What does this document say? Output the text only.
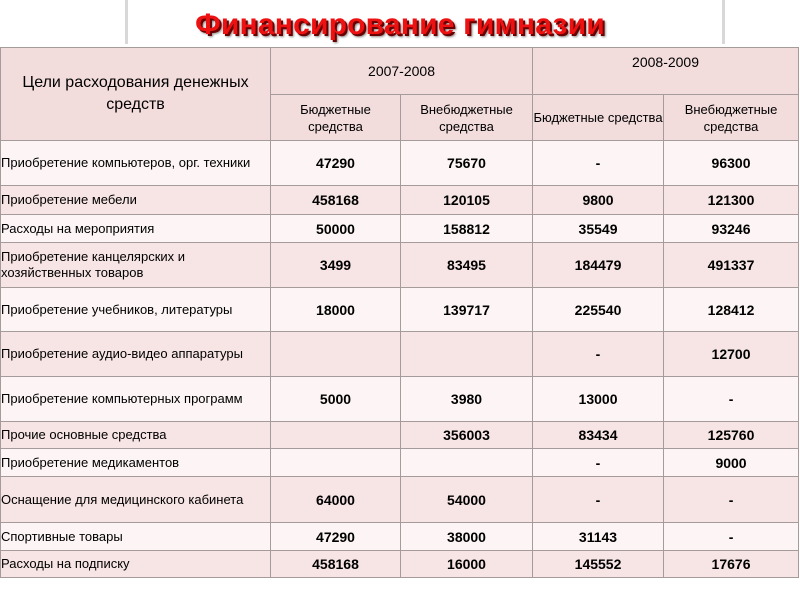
Финансирование гимназии
Цели расходования денежных средств	2007-2008		2008-2009	
	Бюджетные средства	Внебюджетные средства	Бюджетные средства	Внебюджетные средства
Приобретение компьютеров, орг. техники	47290	75670	-	96300
Приобретение мебели	458168	120105	9800	121300
Расходы на мероприятия	50000	158812	35549	93246
Приобретение канцелярских и хозяйственных товаров	3499	83495	184479	491337
Приобретение учебников, литературы	18000	139717	225540	128412
Приобретение аудио-видео аппаратуры			-	12700
Приобретение компьютерных программ	5000	3980	13000	-
Прочие основные средства		356003	83434	125760
Приобретение медикаментов			-	9000
Оснащение для медицинского кабинета	64000	54000	-	-
Спортивные товары	47290	38000	31143	-
Расходы на подписку	458168	16000	145552	17676
